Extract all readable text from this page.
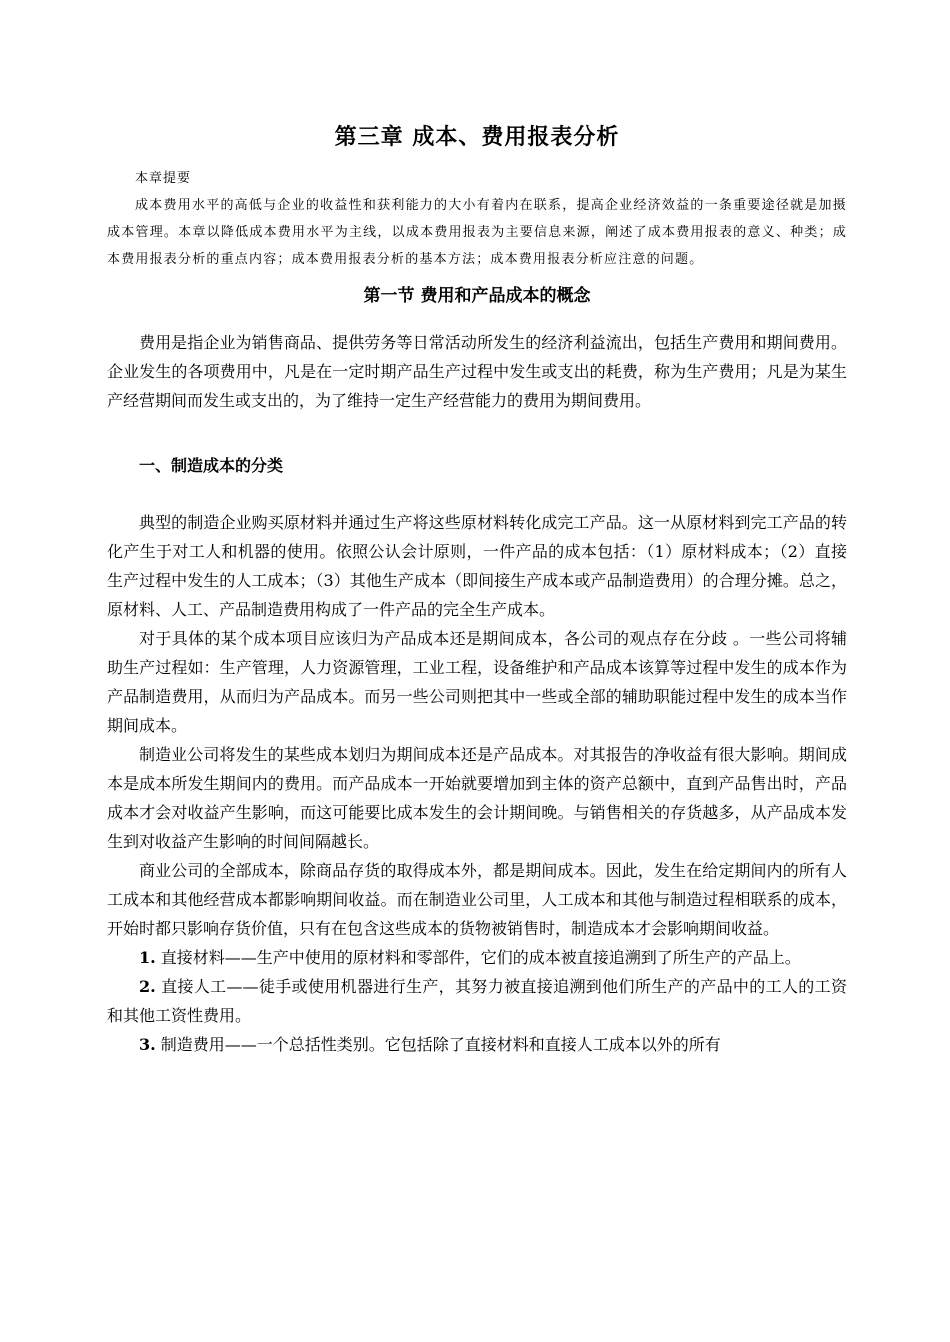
第三章 成本、费用报表分析
本章提要

成本费用水平的高低与企业的收益性和获利能力的大小有着内在联系，提高企业经济效益的一条重要途径就是加摄成本管理。本章以降低成本费用水平为主线，以成本费用报表为主要信息来源，阐述了成本费用报表的意义、种类；成本费用报表分析的重点内容；成本费用报表分析的基本方法；成本费用报表分析应注意的问题。

第一节 费用和产品成本的概念

费用是指企业为销售商品、提供劳务等日常活动所发生的经济利益流出，包括生产费用和期间费用。企业发生的各项费用中，凡是在一定时期产品生产过程中发生或支出的耗费，称为生产费用；凡是为某生产经营期间而发生或支出的，为了维持一定生产经营能力的费用为期间费用。

一、制造成本的分类

典型的制造企业购买原材料并通过生产将这些原材料转化成完工产品。这一从原材料到完工产品的转化产生于对工人和机器的使用。依照公认会计原则，一件产品的成本包括：（1）原材料成本；（2）直接生产过程中发生的人工成本；（3）其他生产成本（即间接生产成本或产品制造费用）的合理分摊。总之，原材料、人工、产品制造费用构成了一件产品的完全生产成本。

对于具体的某个成本项目应该归为产品成本还是期间成本，各公司的观点存在分歧 。一些公司将辅助生产过程如：生产管理，人力资源管理，工业工程，设备维护和产品成本该算等过程中发生的成本作为产品制造费用，从而归为产品成本。而另一些公司则把其中一些或全部的辅助职能过程中发生的成本当作期间成本。

制造业公司将发生的某些成本划归为期间成本还是产品成本。对其报告的净收益有很大影响。期间成本是成本所发生期间内的费用。而产品成本一开始就要增加到主体的资产总额中，直到产品售出时，产品成本才会对收益产生影响，而这可能要比成本发生的会计期间晚。与销售相关的存货越多，从产品成本发生到对收益产生影响的时间间隔越长。

商业公司的全部成本，除商品存货的取得成本外，都是期间成本。因此，发生在给定期间内的所有人工成本和其他经营成本都影响期间收益。而在制造业公司里，人工成本和其他与制造过程相联系的成本，开始时都只影响存货价值，只有在包含这些成本的货物被销售时，制造成本才会影响期间收益。

1. 直接材料——生产中使用的原材料和零部件，它们的成本被直接追溯到了所生产的产品上。

2. 直接人工——徒手或使用机器进行生产，其努力被直接追溯到他们所生产的产品中的工人的工资和其他工资性费用。

3. 制造费用——一个总括性类别。它包括除了直接材料和直接人工成本以外的所有
